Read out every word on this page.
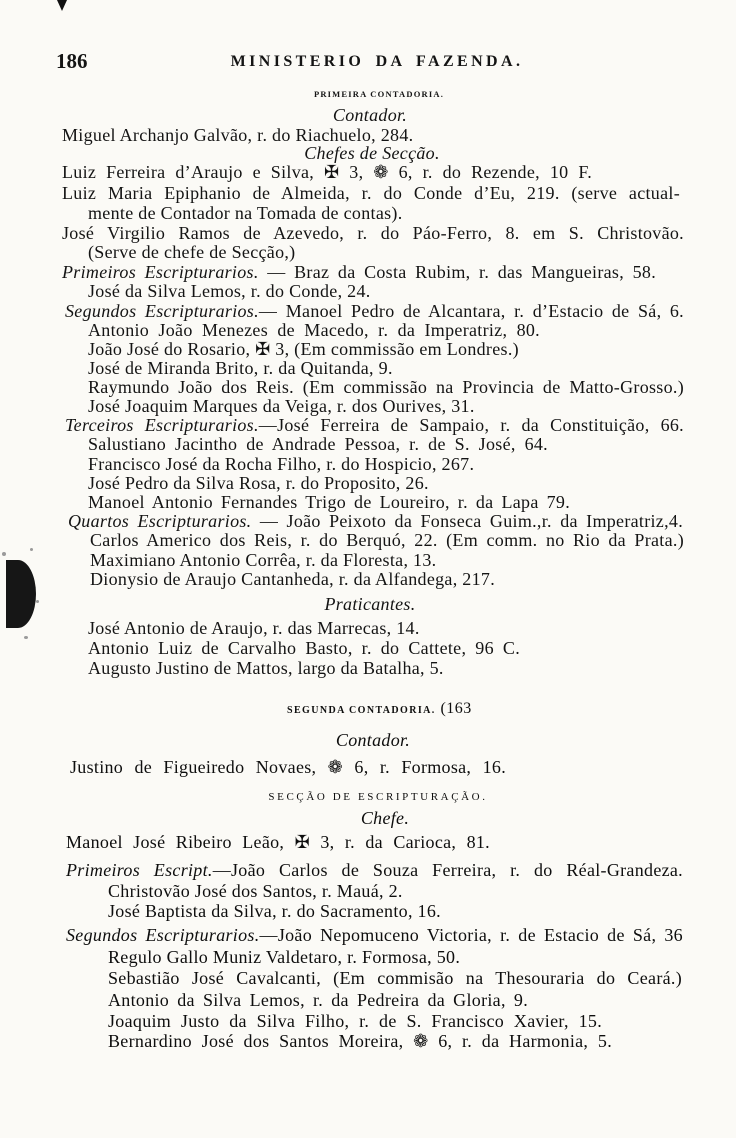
186	MINISTERIO DA FAZENDA.
PRIMEIRA CONTADORIA.
Contador.
Miguel Archanjo Galvão, r. do Riachuelo, 284.
Chefes de Secção.
Luiz Ferreira d’Araujo e Silva, ✠ 3, ❁ 6, r. do Rezende, 10 F.
Luiz Maria Epiphanio de Almeida, r. do Conde d’Eu, 219. (serve actual-
mente de Contador na Tomada de contas).
José Virgilio Ramos de Azevedo, r. do Páo-Ferro, 8. em S. Christovão.
(Serve de chefe de Secção,)
Primeiros Escripturarios. — Braz da Costa Rubim, r. das Mangueiras, 58.
José da Silva Lemos, r. do Conde, 24.
Segundos Escripturarios.— Manoel Pedro de Alcantara, r. d’Estacio de Sá, 6.
Antonio João Menezes de Macedo, r. da Imperatriz, 80.
João José do Rosario, ✠ 3, (Em commissão em Londres.)
José de Miranda Brito, r. da Quitanda, 9.
Raymundo João dos Reis. (Em commissão na Provincia de Matto-Grosso.)
José Joaquim Marques da Veiga, r. dos Ourives, 31.
Terceiros Escripturarios.—José Ferreira de Sampaio, r. da Constituição, 66.
Salustiano Jacintho de Andrade Pessoa, r. de S. José, 64.
Francisco José da Rocha Filho, r. do Hospicio, 267.
José Pedro da Silva Rosa, r. do Proposito, 26.
Manoel Antonio Fernandes Trigo de Loureiro, r. da Lapa 79.
Quartos Escripturarios. — João Peixoto da Fonseca Guim.,r. da Imperatriz,4.
Carlos Americo dos Reis, r. do Berquó, 22. (Em comm. no Rio da Prata.)
Maximiano Antonio Corrêa, r. da Floresta, 13.
Dionysio de Araujo Cantanheda, r. da Alfandega, 217.
Praticantes.
José Antonio de Araujo, r. das Marrecas, 14.
Antonio Luiz de Carvalho Basto, r. do Cattete, 96 C.
Augusto Justino de Mattos, largo da Batalha, 5.
SEGUNDA CONTADORIA. (163
Contador.
Justino de Figueiredo Novaes, ❁ 6, r. Formosa, 16.
SECÇÃO DE ESCRIPTURAÇÃO.
Chefe.
Manoel José Ribeiro Leão, ✠ 3, r. da Carioca, 81.
Primeiros Escript.—João Carlos de Souza Ferreira, r. do Réal-Grandeza.
Christovão José dos Santos, r. Mauá, 2.
José Baptista da Silva, r. do Sacramento, 16.
Segundos Escripturarios.—João Nepomuceno Victoria, r. de Estacio de Sá, 36
Regulo Gallo Muniz Valdetaro, r. Formosa, 50.
Sebastião José Cavalcanti, (Em commisão na Thesouraria do Ceará.)
Antonio da Silva Lemos, r. da Pedreira da Gloria, 9.
Joaquim Justo da Silva Filho, r. de S. Francisco Xavier, 15.
Bernardino José dos Santos Moreira, ❁ 6, r. da Harmonia, 5.
